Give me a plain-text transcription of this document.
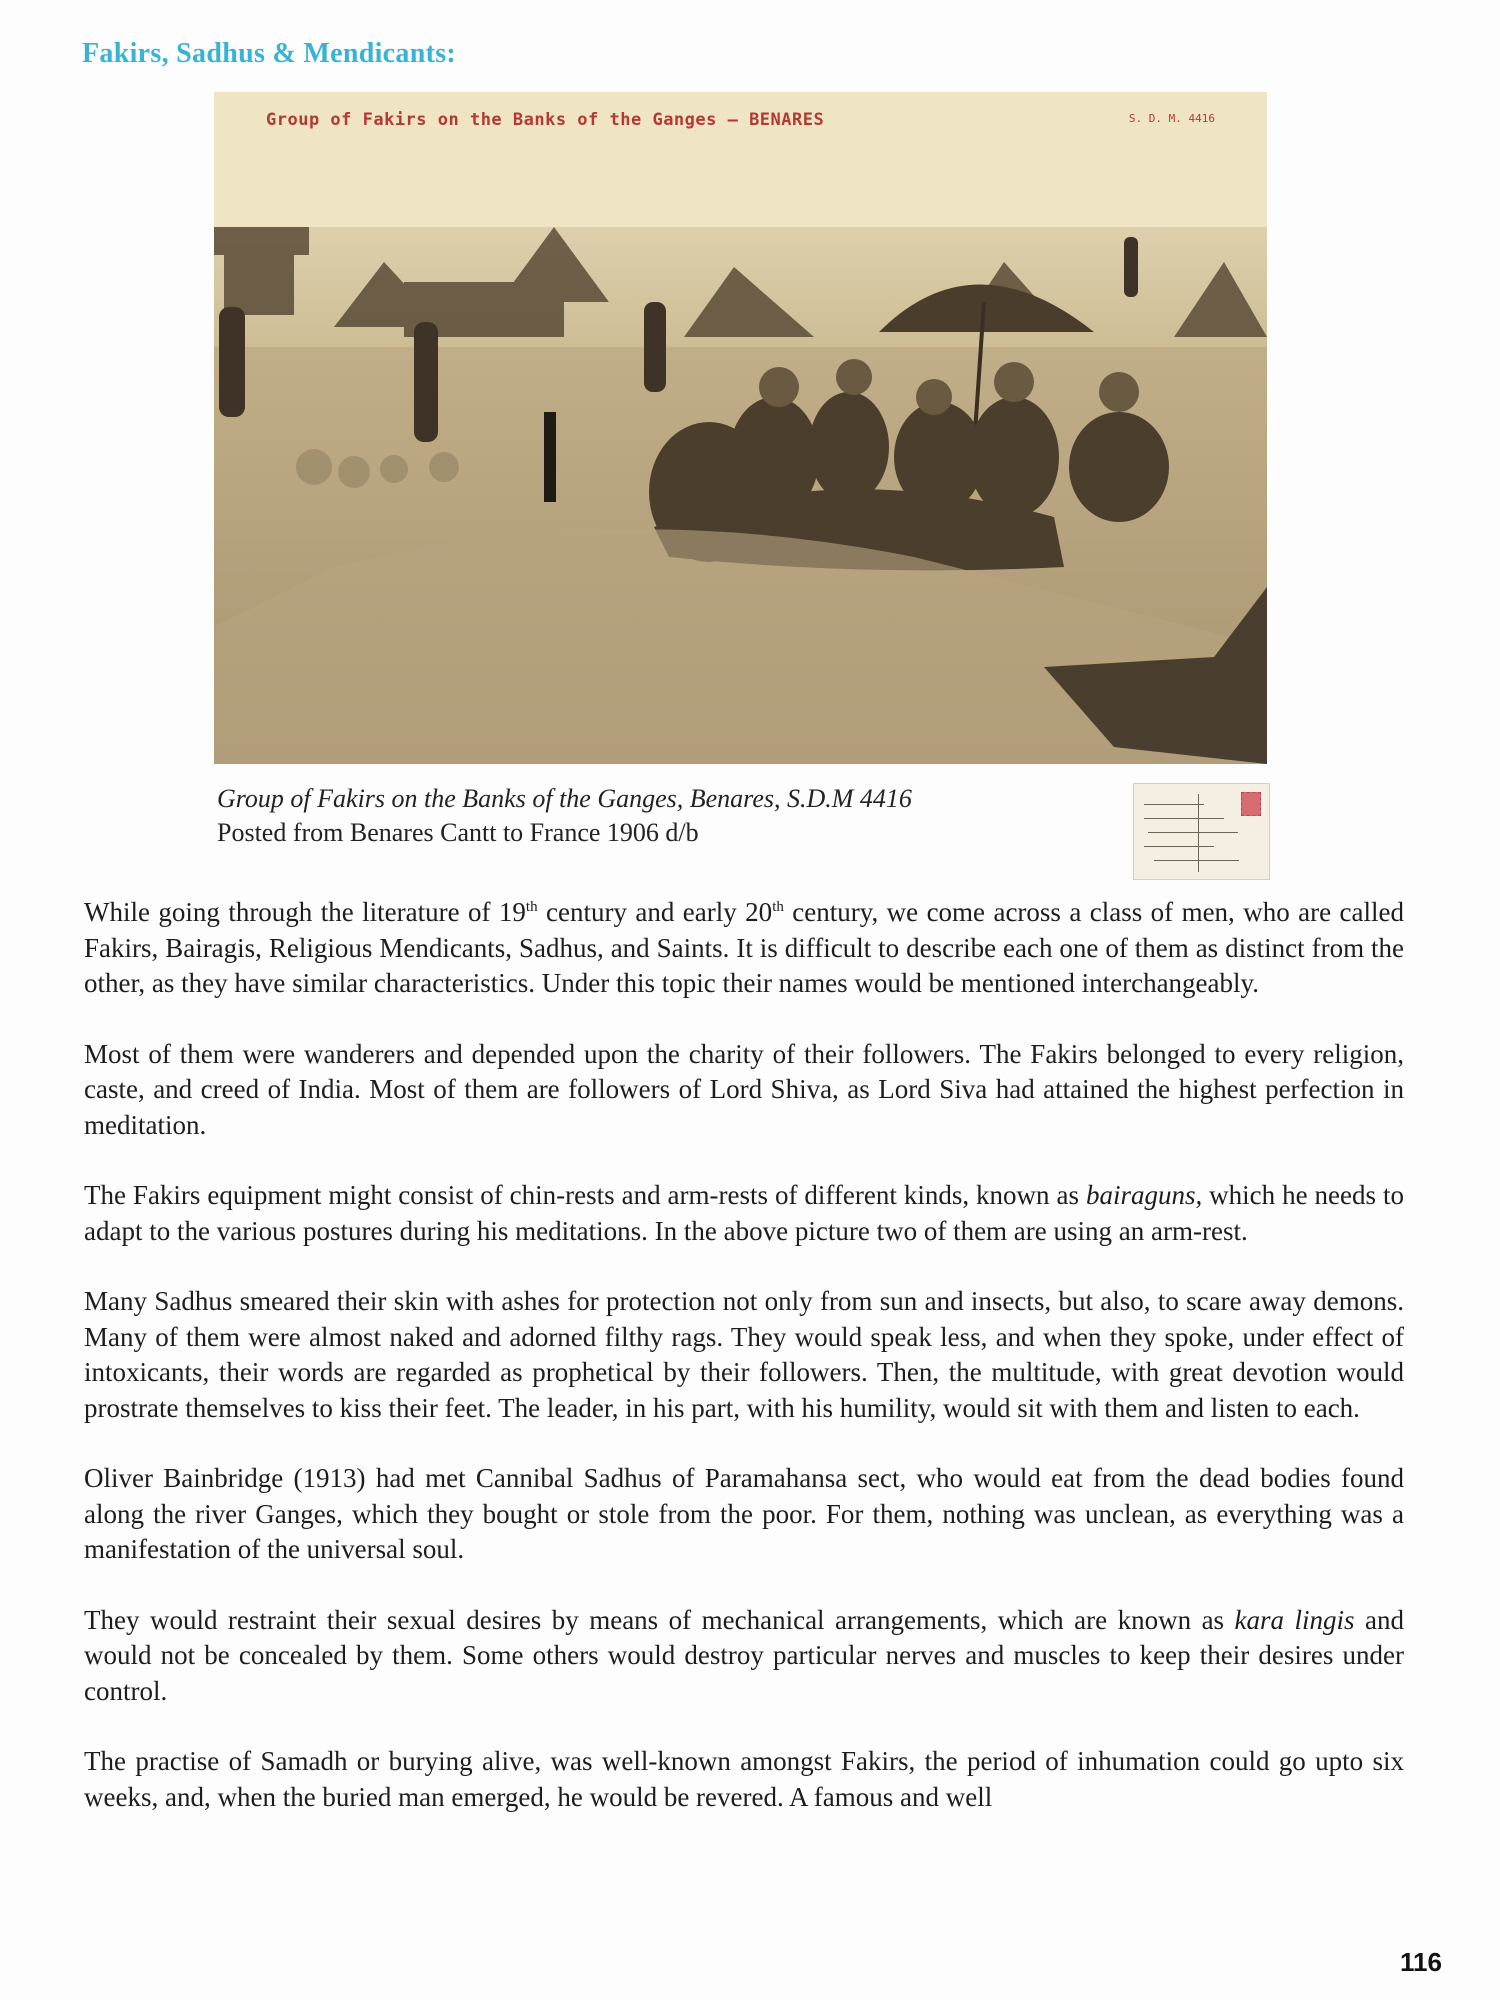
Fakirs, Sadhus & Mendicants:
Group of Fakirs on the Banks of the Ganges — BENARES	S. D. M. 4416
Group of Fakirs on the Banks of the Ganges, Benares, S.D.M 4416
Posted from Benares Cantt to France 1906 d/b

While going through the literature of 19th century and early 20th century, we come across a class of men, who are called Fakirs, Bairagis, Religious Mendicants, Sadhus, and Saints. It is difficult to describe each one of them as distinct from the other, as they have similar characteristics. Under this topic their names would be mentioned interchangeably.

Most of them were wanderers and depended upon the charity of their followers. The Fakirs belonged to every religion, caste, and creed of India. Most of them are followers of Lord Shiva, as Lord Siva had attained the highest perfection in meditation.

The Fakirs equipment might consist of chin-rests and arm-rests of different kinds, known as bairaguns, which he needs to adapt to the various postures during his meditations. In the above picture two of them are using an arm-rest.

Many Sadhus smeared their skin with ashes for protection not only from sun and insects, but also, to scare away demons. Many of them were almost naked and adorned filthy rags. They would speak less, and when they spoke, under effect of intoxicants, their words are regarded as prophetical by their followers. Then, the multitude, with great devotion would prostrate themselves to kiss their feet. The leader, in his part, with his humility, would sit with them and listen to each.

Oliver Bainbridge (1913) had met Cannibal Sadhus of Paramahansa sect, who would eat from the dead bodies found along the river Ganges, which they bought or stole from the poor. For them, nothing was unclean, as everything was a manifestation of the universal soul.

They would restraint their sexual desires by means of mechanical arrangements, which are known as kara lingis and would not be concealed by them. Some others would destroy particular nerves and muscles to keep their desires under control.

The practise of Samadh or burying alive, was well-known amongst Fakirs, the period of inhumation could go upto six weeks, and, when the buried man emerged, he would be revered. A famous and well

116
